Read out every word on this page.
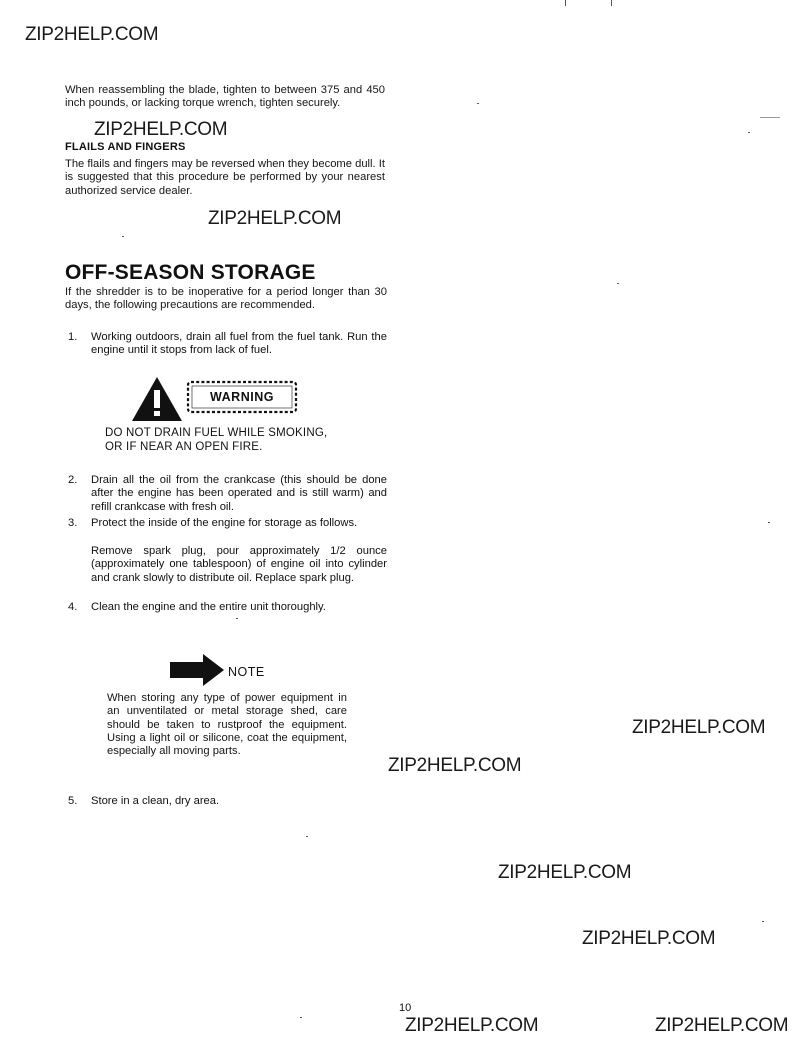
ZIP2HELP.COM
ZIP2HELP.COM
ZIP2HELP.COM
ZIP2HELP.COM
ZIP2HELP.COM
ZIP2HELP.COM
ZIP2HELP.COM
ZIP2HELP.COM	ZIP2HELP.COM
When reassembling the blade, tighten to between 375 and 450 inch pounds, or lacking torque wrench, tighten securely.
FLAILS AND FINGERS
The flails and fingers may be reversed when they become dull. It is suggested that this procedure be performed by your nearest authorized service dealer.
OFF-SEASON STORAGE
If the shredder is to be inoperative for a period longer than 30 days, the following precautions are recommended.
1. Working outdoors, drain all fuel from the fuel tank. Run the engine until it stops from lack of fuel.
WARNING
DO NOT DRAIN FUEL WHILE SMOKING,
OR IF NEAR AN OPEN FIRE.
2. Drain all the oil from the crankcase (this should be done after the engine has been operated and is still warm) and refill crankcase with fresh oil.
3. Protect the inside of the engine for storage as follows.
Remove spark plug, pour approximately 1/2 ounce (approximately one tablespoon) of engine oil into cylinder and crank slowly to distribute oil. Replace spark plug.
4. Clean the engine and the entire unit thoroughly.
NOTE
When storing any type of power equipment in an unventilated or metal storage shed, care should be taken to rustproof the equipment. Using a light oil or silicone, coat the equipment, especially all moving parts.
5. Store in a clean, dry area.
10
